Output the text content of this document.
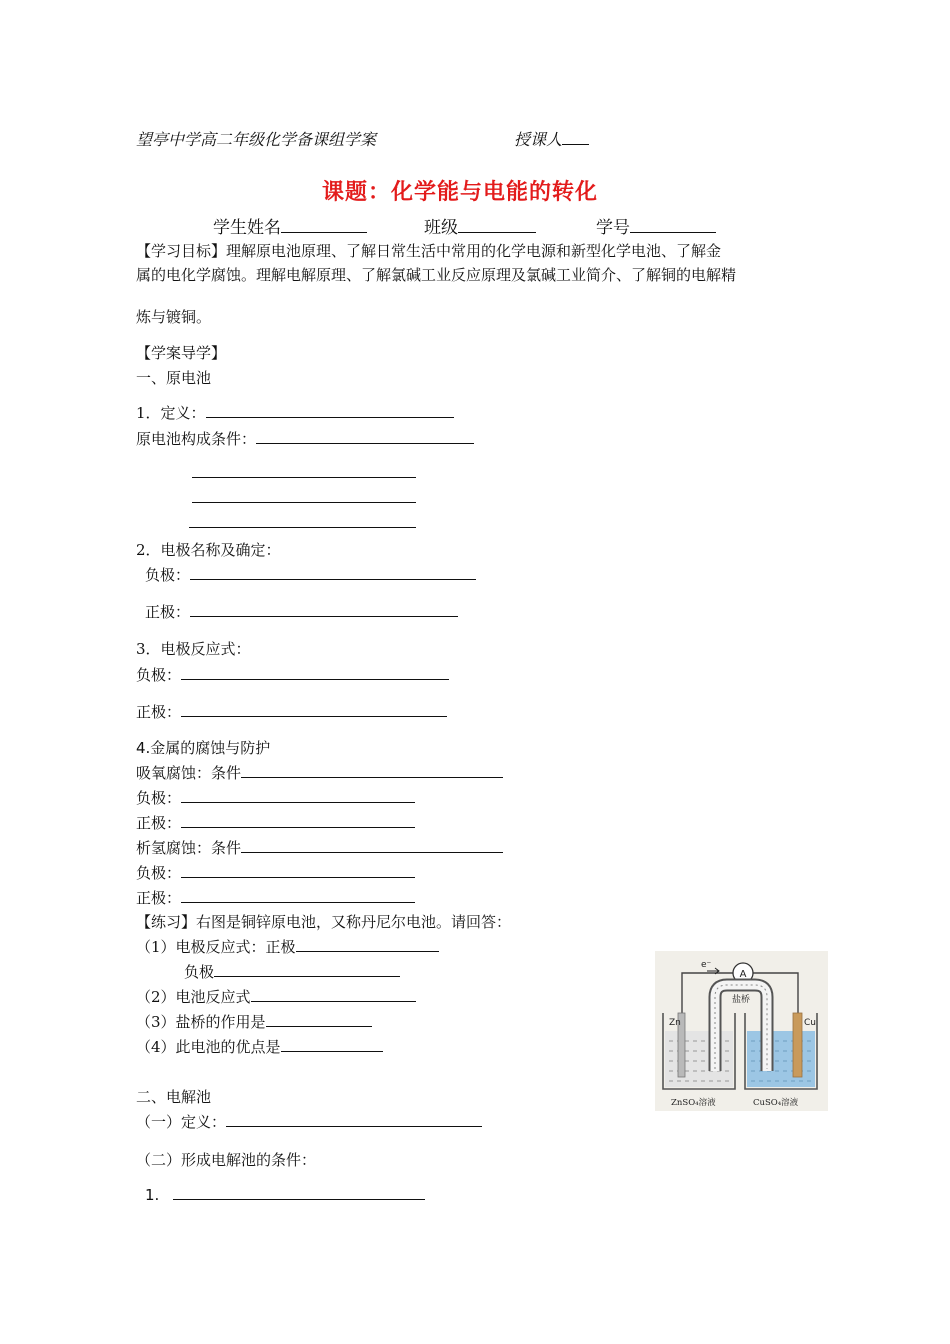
望亭中学高二年级化学备课组学案	授课人
课题：化学能与电能的转化
学生姓名	班级	学号
【学习目标】理解原电池原理、了解日常生活中常用的化学电源和新型化学电池、了解金
属的电化学腐蚀。理解电解原理、了解氯碱工业反应原理及氯碱工业简介、了解铜的电解精
炼与镀铜。
【学案导学】
一、原电池
1．定义：
原电池构成条件：
2．电极名称及确定：
负极：
正极：
3．电极反应式：
负极：
正极：
4.金属的腐蚀与防护
吸氧腐蚀：条件
负极：
正极：
析氢腐蚀：条件
负极：
正极：
【练习】右图是铜锌原电池，又称丹尼尔电池。请回答：
（1）电极反应式：正极
负极
（2）电池反应式
（3）盐桥的作用是
（4）此电池的优点是
A
e⁻
盐桥
Zn	Cu
ZnSO₄溶液	CuSO₄溶液
二、电解池
（一）定义：
（二）形成电解池的条件：
1.
